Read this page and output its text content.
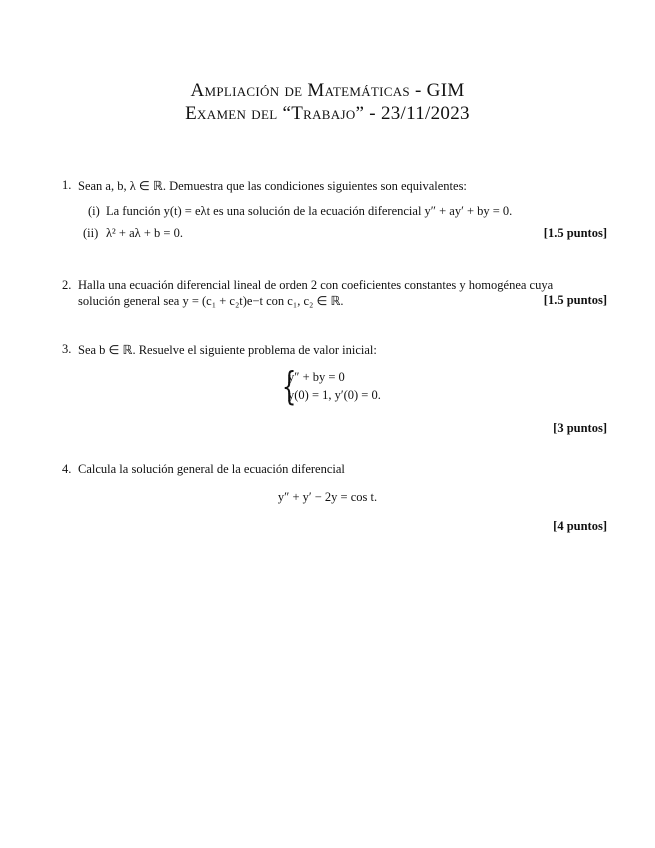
Ampliación de Matemáticas - GIM
Examen del “Trabajo” - 23/11/2023
1. Sean a, b, λ ∈ ℝ. Demuestra que las condiciones siguientes son equivalentes:
(i) La función y(t) = eλt es una solución de la ecuación diferencial y″ + ay′ + by = 0.
(ii) λ² + aλ + b = 0.	[1.5 puntos]
2. Halla una ecuación diferencial lineal de orden 2 con coeficientes constantes y homogénea cuya
solución general sea y = (c₁ + c₂t)e−t con c₁, c₂ ∈ ℝ.	[1.5 puntos]
3. Sea b ∈ ℝ. Resuelve el siguiente problema de valor inicial:
{
y″ + by = 0
y(0) = 1, y′(0) = 0.
[3 puntos]
4. Calcula la solución general de la ecuación diferencial
y″ + y′ − 2y = cos t.
[4 puntos]
